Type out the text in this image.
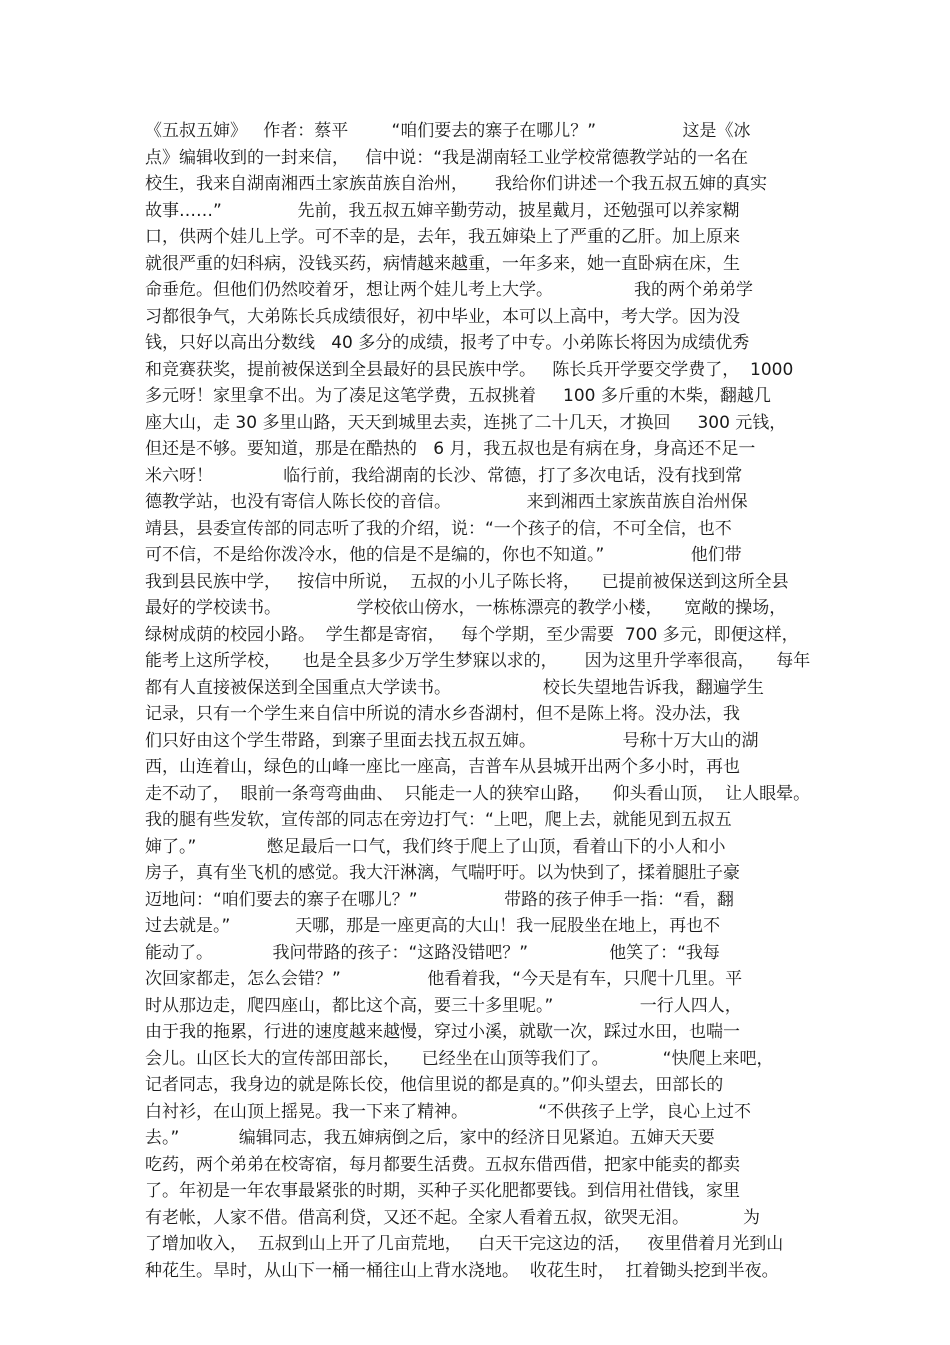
《五叔五婶》   作者：蔡平        “咱们要去的寨子在哪儿？”                这是《冰
点》编辑收到的一封来信，   信中说：“我是湖南轻工业学校常德教学站的一名在
校生，我来自湖南湘西土家族苗族自治州，     我给你们讲述一个我五叔五婶的真实
故事……”              先前，我五叔五婶辛勤劳动，披星戴月，还勉强可以养家糊
口，供两个娃儿上学。可不幸的是，去年，我五婶染上了严重的乙肝。加上原来
就很严重的妇科病，没钱买药，病情越来越重，一年多来，她一直卧病在床，生
命垂危。但他们仍然咬着牙，想让两个娃儿考上大学。               我的两个弟弟学
习都很争气，大弟陈长兵成绩很好，初中毕业，本可以上高中，考大学。因为没
钱，只好以高出分数线   40 多分的成绩，报考了中专。小弟陈长将因为成绩优秀
和竞赛获奖，提前被保送到全县最好的县民族中学。   陈长兵开学要交学费了，  1000
多元呀！家里拿不出。为了凑足这笔学费，五叔挑着     100 多斤重的木柴，翻越几
座大山，走 30 多里山路，天天到城里去卖，连挑了二十几天，才换回     300 元钱，
但还是不够。要知道，那是在酷热的   6 月，我五叔也是有病在身，身高还不足一
米六呀！             临行前，我给湖南的长沙、常德，打了多次电话，没有找到常
德教学站，也没有寄信人陈长佼的音信。              来到湘西土家族苗族自治州保
靖县，县委宣传部的同志听了我的介绍，说：“一个孩子的信，不可全信，也不
可不信，不是给你泼冷水，他的信是不是编的，你也不知道。”                他们带
我到县民族中学，   按信中所说，  五叔的小儿子陈长将，    已提前被保送到这所全县
最好的学校读书。              学校依山傍水，一栋栋漂亮的教学小楼，    宽敞的操场，
绿树成荫的校园小路。  学生都是寄宿，   每个学期，至少需要  700 多元，即便这样，
能考上这所学校，    也是全县多少万学生梦寐以求的，     因为这里升学率很高，    每年
都有人直接被保送到全国重点大学读书。                 校长失望地告诉我，翻遍学生
记录，只有一个学生来自信中所说的清水乡沓湖村，但不是陈上将。没办法，我
们只好由这个学生带路，到寨子里面去找五叔五婶。                号称十万大山的湖
西，山连着山，绿色的山峰一座比一座高，吉普车从县城开出两个多小时，再也
走不动了，  眼前一条弯弯曲曲、  只能走一人的狭窄山路，    仰头看山顶，  让人眼晕。
我的腿有些发软，宣传部的同志在旁边打气：“上吧，爬上去，就能见到五叔五
婶了。”             憋足最后一口气，我们终于爬上了山顶，看着山下的小人和小
房子，真有坐飞机的感觉。我大汗淋漓，气喘吁吁。以为快到了，揉着腿肚子豪
迈地问：“咱们要去的寨子在哪儿？”                带路的孩子伸手一指：“看，翻
过去就是。”            天哪，那是一座更高的大山！我一屁股坐在地上，再也不
能动了。           我问带路的孩子：“这路没错吧？”               他笑了：“我每
次回家都走，怎么会错？”                他看着我，“今天是有车，只爬十几里。平
时从那边走，爬四座山，都比这个高，要三十多里呢。”                一行人四人，
由于我的拖累，行进的速度越来越慢，穿过小溪，就歇一次，踩过水田，也喘一
会儿。山区长大的宣传部田部长，    已经坐在山顶等我们了。          “快爬上来吧，
记者同志，我身边的就是陈长佼，他信里说的都是真的。”仰头望去，田部长的
白衬衫，在山顶上摇晃。我一下来了精神。             “不供孩子上学，良心上过不
去。”           编辑同志，我五婶病倒之后，家中的经济日见紧迫。五婶天天要
吃药，两个弟弟在校寄宿，每月都要生活费。五叔东借西借，把家中能卖的都卖
了。年初是一年农事最紧张的时期，买种子买化肥都要钱。到信用社借钱，家里
有老帐，人家不借。借高利贷，又还不起。全家人看着五叔，欲哭无泪。          为
了增加收入，  五叔到山上开了几亩荒地，   白天干完这边的活，   夜里借着月光到山
种花生。旱时，从山下一桶一桶往山上背水浇地。  收花生时，  扛着锄头挖到半夜。
